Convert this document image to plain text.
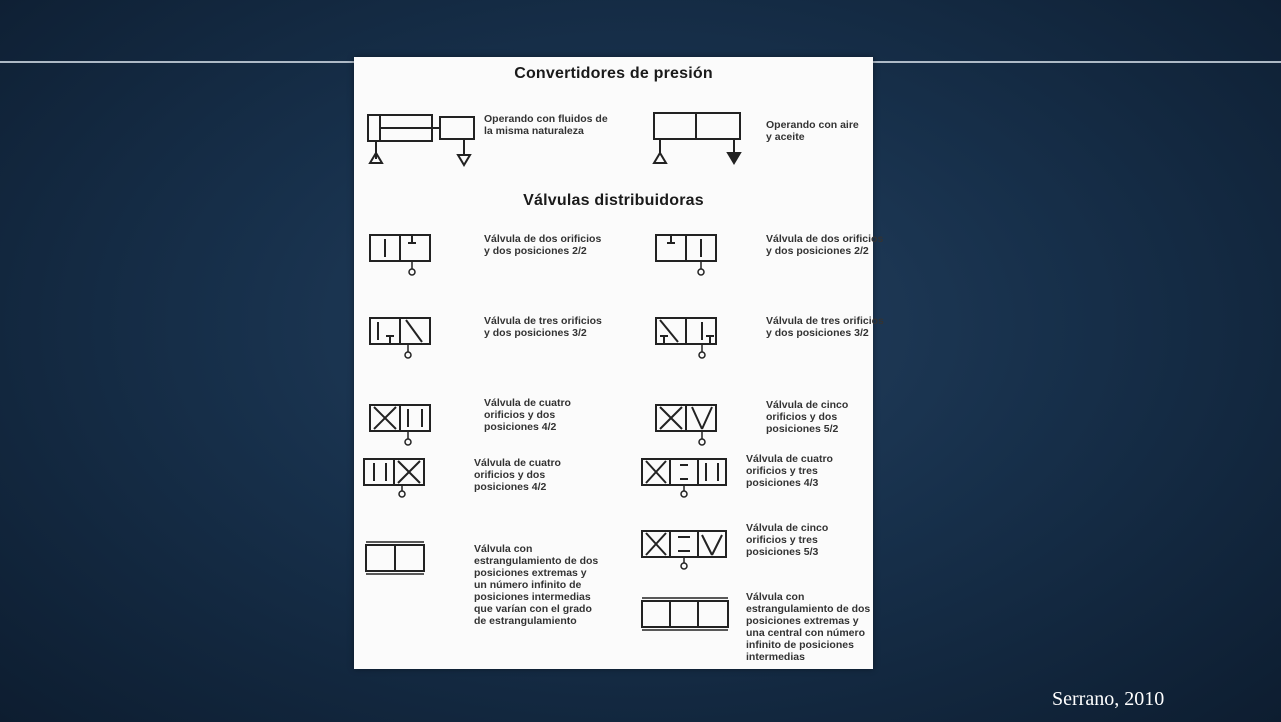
Convertidores de presión
Operando con fluidos de la misma naturaleza	Operando con aire y aceite
Válvulas distribuidoras
Válvula de dos orificios y dos posiciones 2/2
Válvula de dos orificios y dos posiciones 2/2
Válvula de tres orificios y dos posiciones 3/2
Válvula de tres orificios y dos posiciones 3/2
Válvula de cuatro orificios y dos posiciones 4/2
Válvula de cinco orificios y dos posiciones 5/2
Válvula de cuatro orificios y dos posiciones 4/2
Válvula de cuatro orificios y tres posiciones 4/3
Válvula de cinco orificios y tres posiciones 5/3
Válvula con estrangulamiento de dos posiciones extremas y un número infinito de posiciones intermedias que varían con el grado de estrangulamiento
Válvula con estrangulamiento de dos posiciones extremas y una central con número infinito de posiciones intermedias
Serrano, 2010
